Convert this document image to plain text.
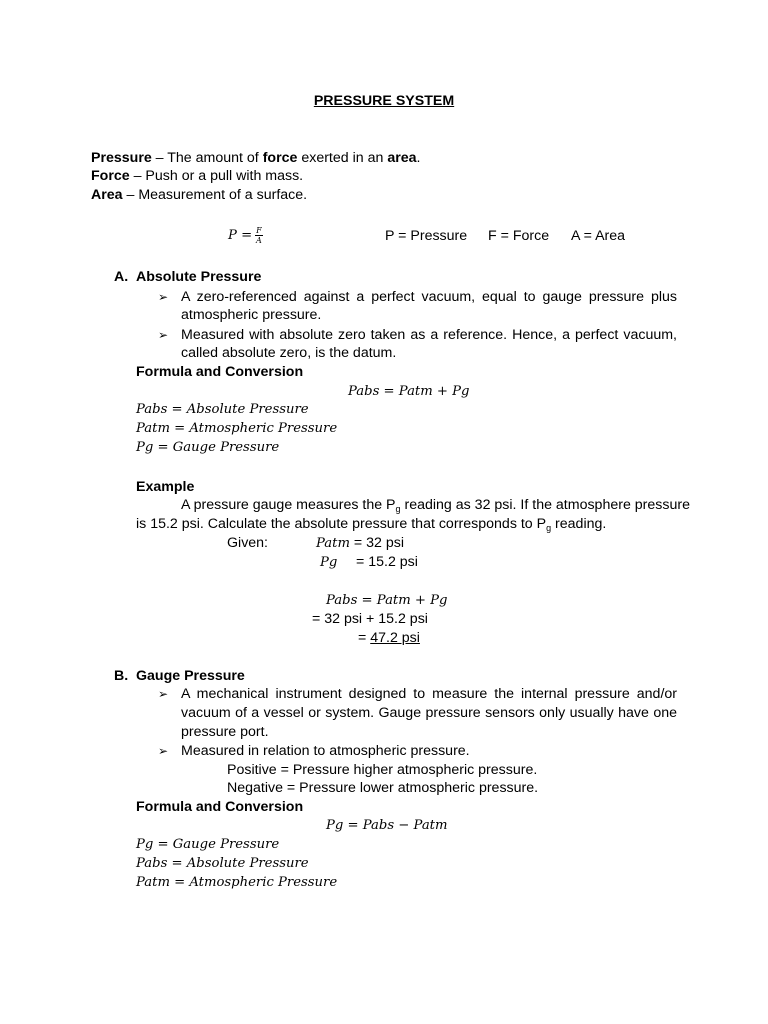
PRESSURE SYSTEM
Pressure – The amount of force exerted in an area.
Force – Push or a pull with mass.
Area – Measurement of a surface.
$P = \frac{F}{A}$	P = Pressure F = Force A = Area
A. Absolute Pressure
➢ A zero-referenced against a perfect vacuum, equal to gauge pressure plus
atmospheric pressure.
➢ Measured with absolute zero taken as a reference. Hence, a perfect vacuum,
called absolute zero, is the datum.
Formula and Conversion
Pabs = Patm + Pg
Pabs = Absolute Pressure
Patm = Atmospheric Pressure
Pg = Gauge Pressure
Example
A pressure gauge measures the $P_g$ reading as 32 psi. If the atmosphere pressure
is 15.2 psi. Calculate the absolute pressure that corresponds to $P_g$ reading.
Given:	Patm = 32 psi
Pg = 15.2 psi
Pabs = Patm + Pg
= 32 psi + 15.2 psi
= 47.2 psi
B. Gauge Pressure
➢ A mechanical instrument designed to measure the internal pressure and/or
vacuum of a vessel or system. Gauge pressure sensors only usually have one
pressure port.
➢ Measured in relation to atmospheric pressure.
Positive = Pressure higher atmospheric pressure.
Negative = Pressure lower atmospheric pressure.
Formula and Conversion
Pg = Pabs − Patm
Pg = Gauge Pressure
Pabs = Absolute Pressure
Patm = Atmospheric Pressure
